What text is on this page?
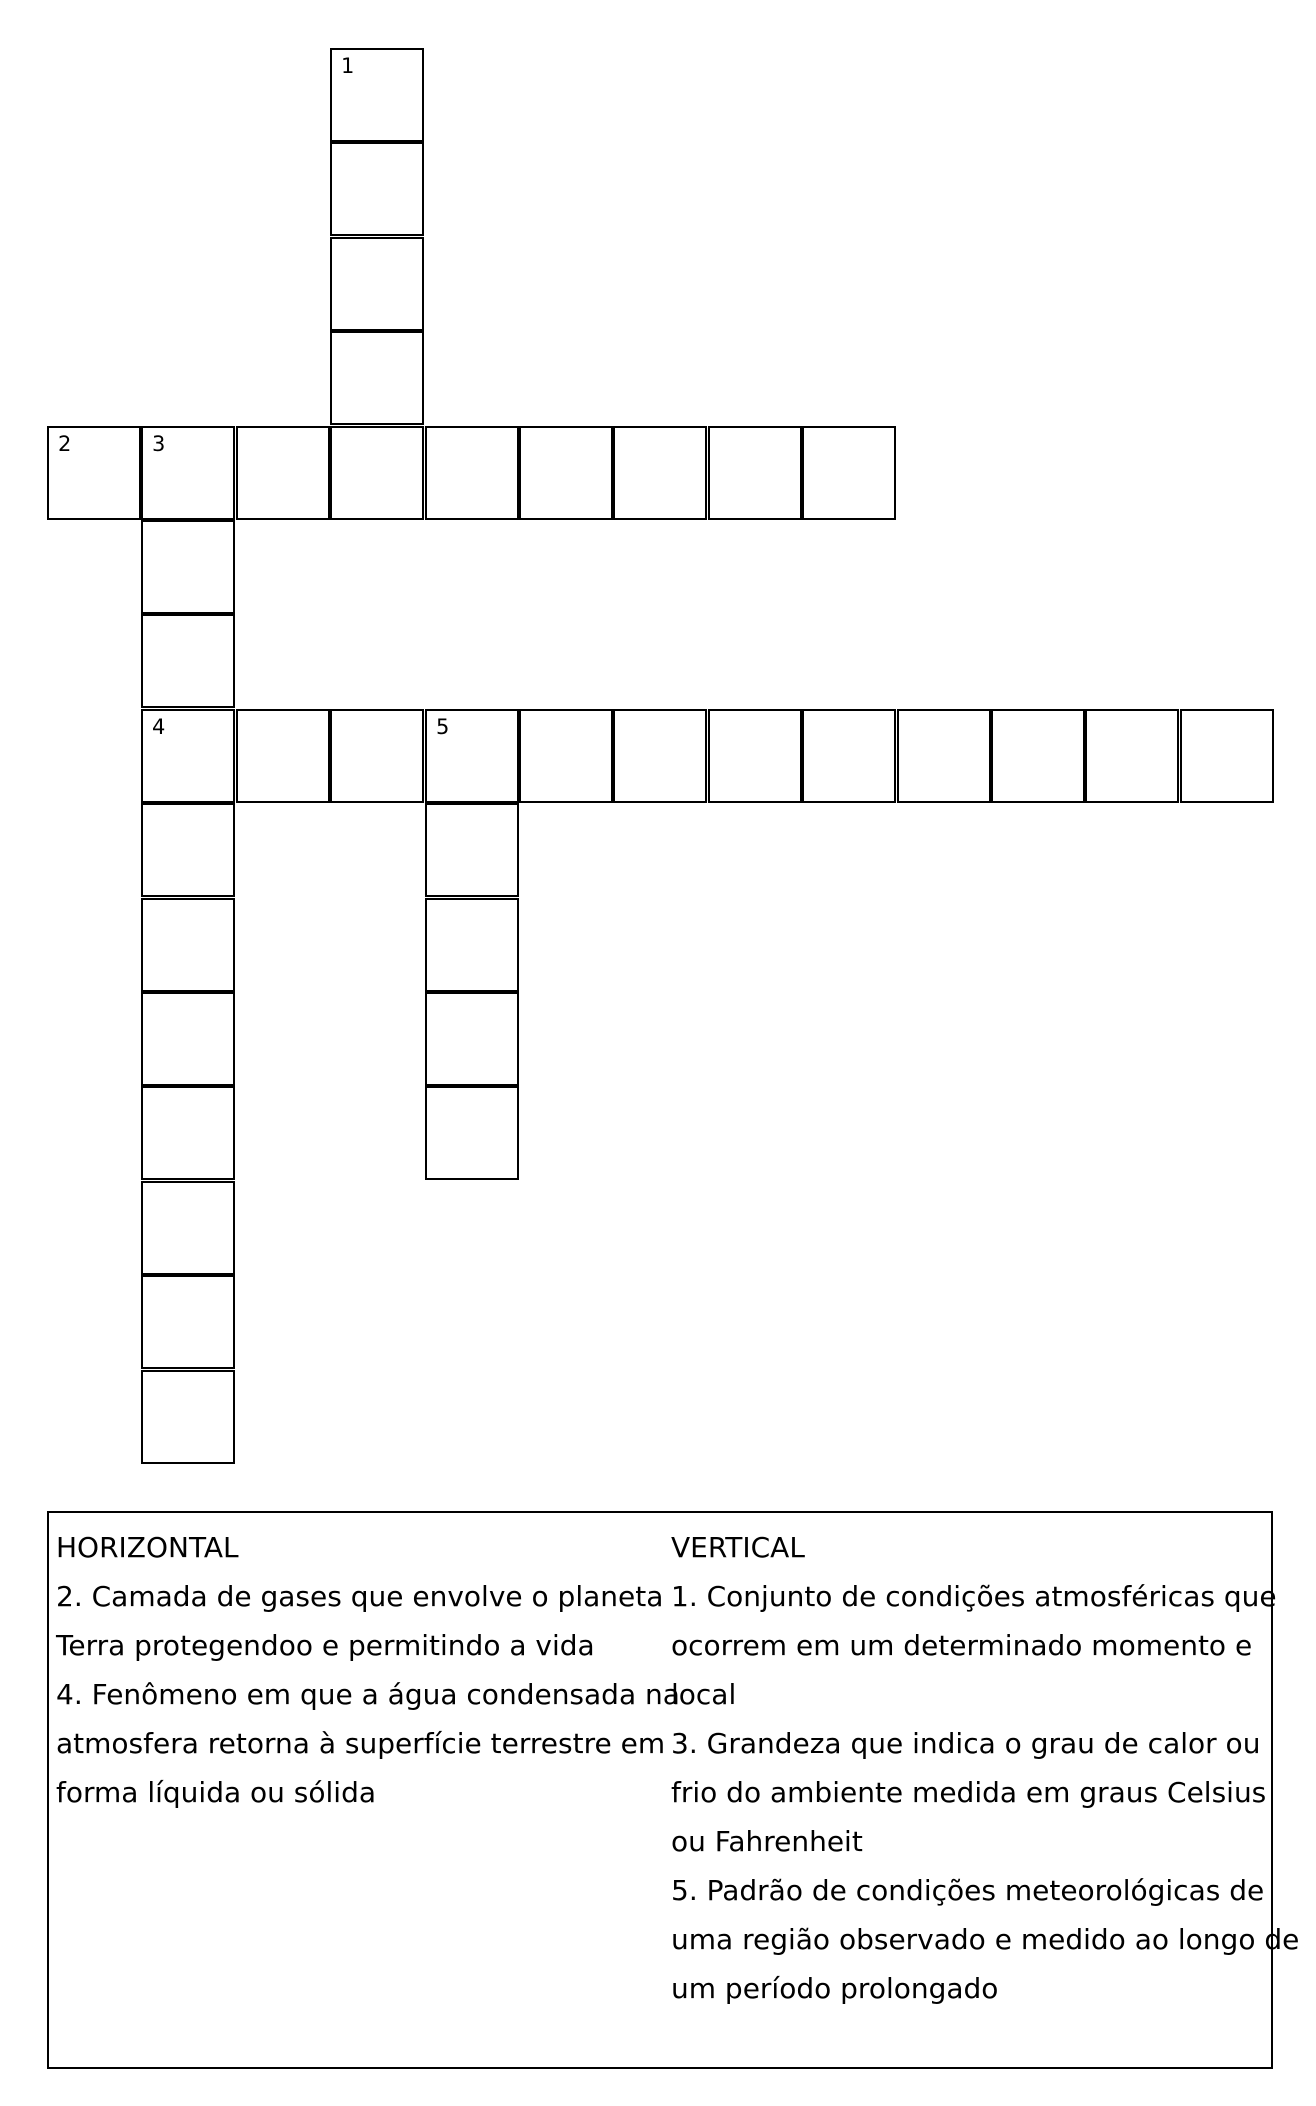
1
2	3
4	5
HORIZONTAL
2. Camada de gases que envolve o planeta
Terra protegendoo e permitindo a vida
4. Fenômeno em que a água condensada na
atmosfera retorna à superfície terrestre em
forma líquida ou sólida
VERTICAL
1. Conjunto de condições atmosféricas que
ocorrem em um determinado momento e
local
3. Grandeza que indica o grau de calor ou
frio do ambiente medida em graus Celsius
ou Fahrenheit
5. Padrão de condições meteorológicas de
uma região observado e medido ao longo de
um período prolongado
